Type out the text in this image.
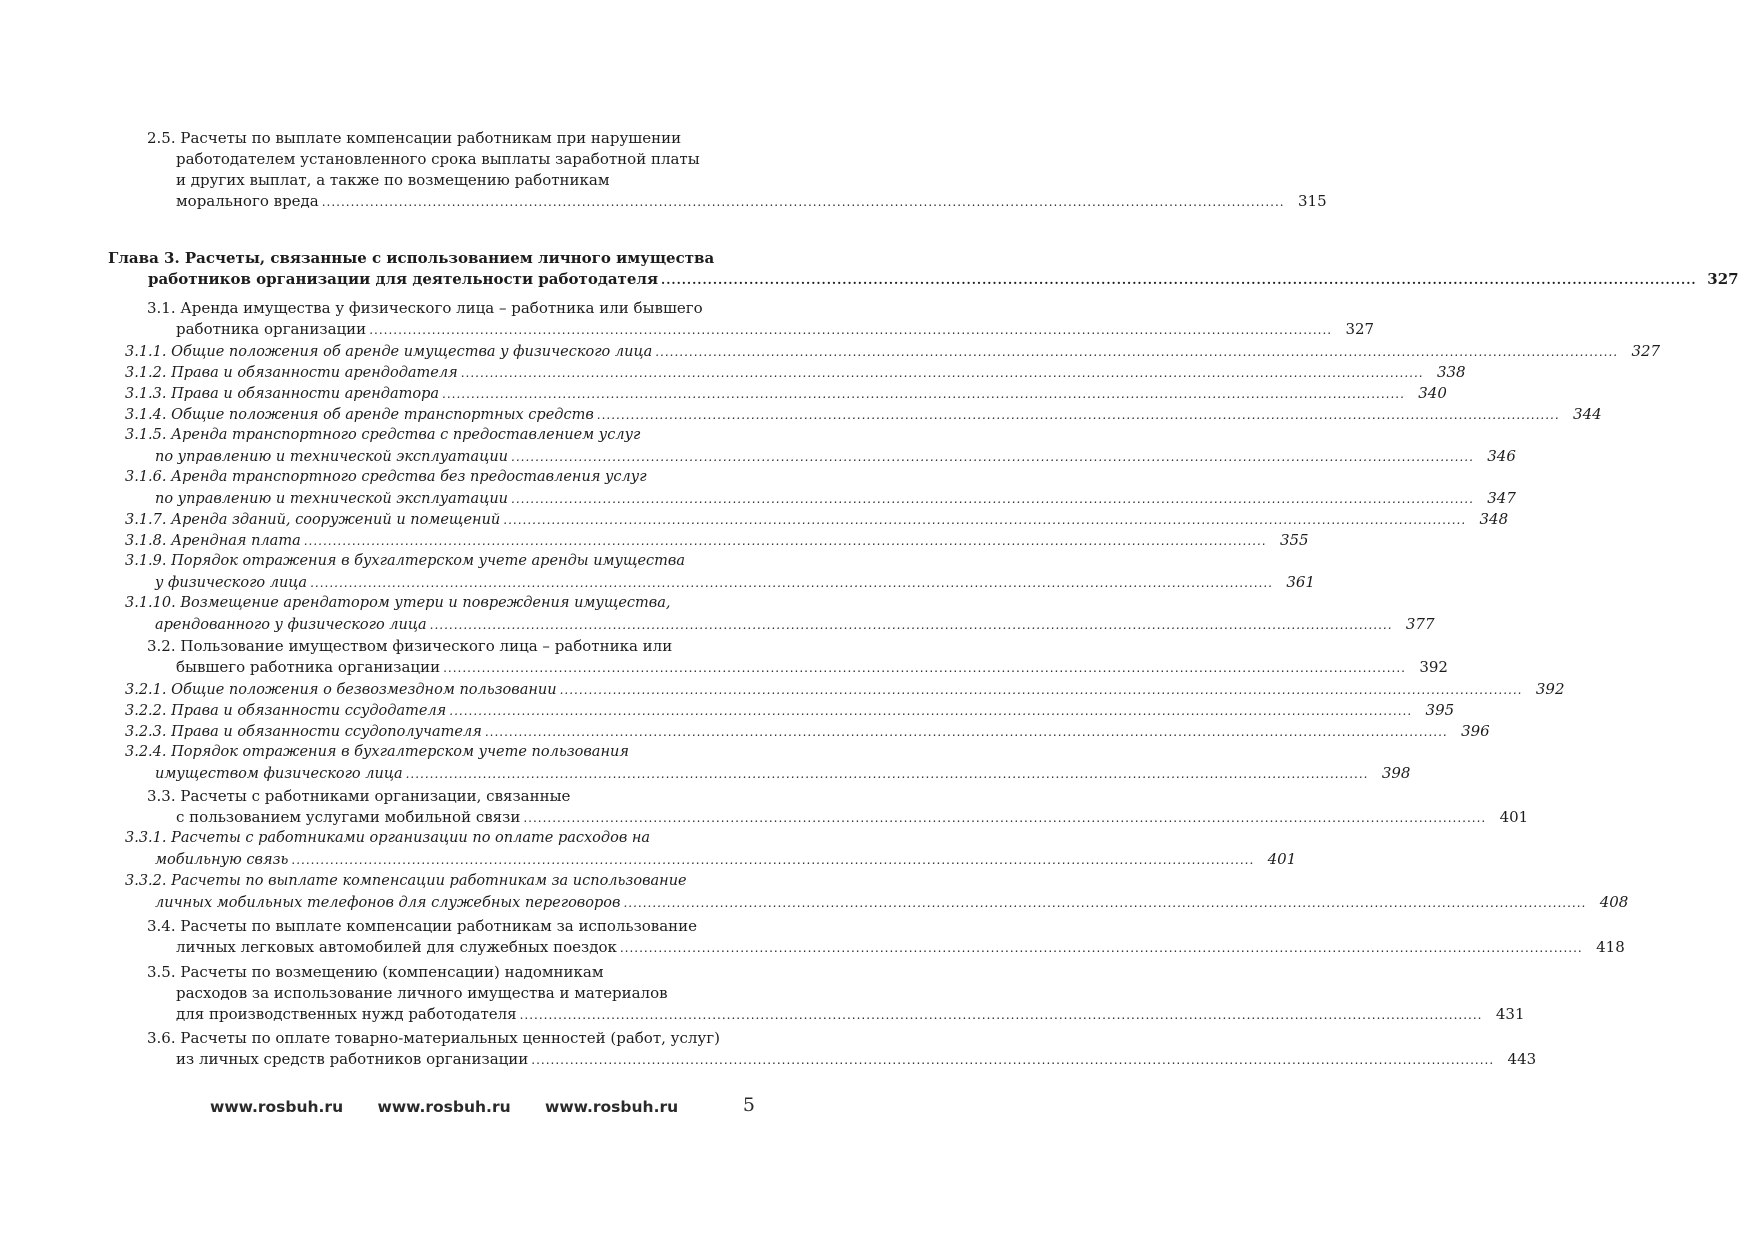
2.5. Расчеты по выплате компенсации работникам при нарушении
работодателем установленного срока выплаты заработной платы
и других выплат, а также по возмещению работникам
морального вреда ........................................................................................................................................................................................................ 315
Глава 3. Расчеты, связанные с использованием личного имущества
работников организации для деятельности работодателя ........................................................................................................................................................................................................ 327
3.1. Аренда имущества у физического лица – работника или бывшего
работника организации ........................................................................................................................................................................................................ 327
3.1.1. Общие положения об аренде имущества у физического лица ........................................................................................................................................................................................................ 327
3.1.2. Права и обязанности арендодателя ........................................................................................................................................................................................................ 338
3.1.3. Права и обязанности арендатора ........................................................................................................................................................................................................ 340
3.1.4. Общие положения об аренде транспортных средств ........................................................................................................................................................................................................ 344
3.1.5. Аренда транспортного средства с предоставлением услуг
по управлению и технической эксплуатации ........................................................................................................................................................................................................ 346
3.1.6. Аренда транспортного средства без предоставления услуг
по управлению и технической эксплуатации ........................................................................................................................................................................................................ 347
3.1.7. Аренда зданий, сооружений и помещений ........................................................................................................................................................................................................ 348
3.1.8. Арендная плата ........................................................................................................................................................................................................ 355
3.1.9. Порядок отражения в бухгалтерском учете аренды имущества
у физического лица ........................................................................................................................................................................................................ 361
3.1.10. Возмещение арендатором утери и повреждения имущества,
арендованного у физического лица ........................................................................................................................................................................................................ 377
3.2. Пользование имуществом физического лица – работника или
бывшего работника организации ........................................................................................................................................................................................................ 392
3.2.1. Общие положения о безвозмездном пользовании ........................................................................................................................................................................................................ 392
3.2.2. Права и обязанности ссудодателя ........................................................................................................................................................................................................ 395
3.2.3. Права и обязанности ссудополучателя ........................................................................................................................................................................................................ 396
3.2.4. Порядок отражения в бухгалтерском учете пользования
имуществом физического лица ........................................................................................................................................................................................................ 398
3.3. Расчеты с работниками организации, связанные
с пользованием услугами мобильной связи ........................................................................................................................................................................................................ 401
3.3.1. Расчеты с работниками организации по оплате расходов на
мобильную связь ........................................................................................................................................................................................................ 401
3.3.2. Расчеты по выплате компенсации работникам за использование
личных мобильных телефонов для служебных переговоров ........................................................................................................................................................................................................ 408
3.4. Расчеты по выплате компенсации работникам за использование
личных легковых автомобилей для служебных поездок ........................................................................................................................................................................................................ 418
3.5. Расчеты по возмещению (компенсации) надомникам
расходов за использование личного имущества и материалов
для производственных нужд работодателя ........................................................................................................................................................................................................ 431
3.6. Расчеты по оплате товарно-материальных ценностей (работ, услуг)
из личных средств работников организации ........................................................................................................................................................................................................ 443
www.rosbuh.ru www.rosbuh.ru www.rosbuh.ru	5
